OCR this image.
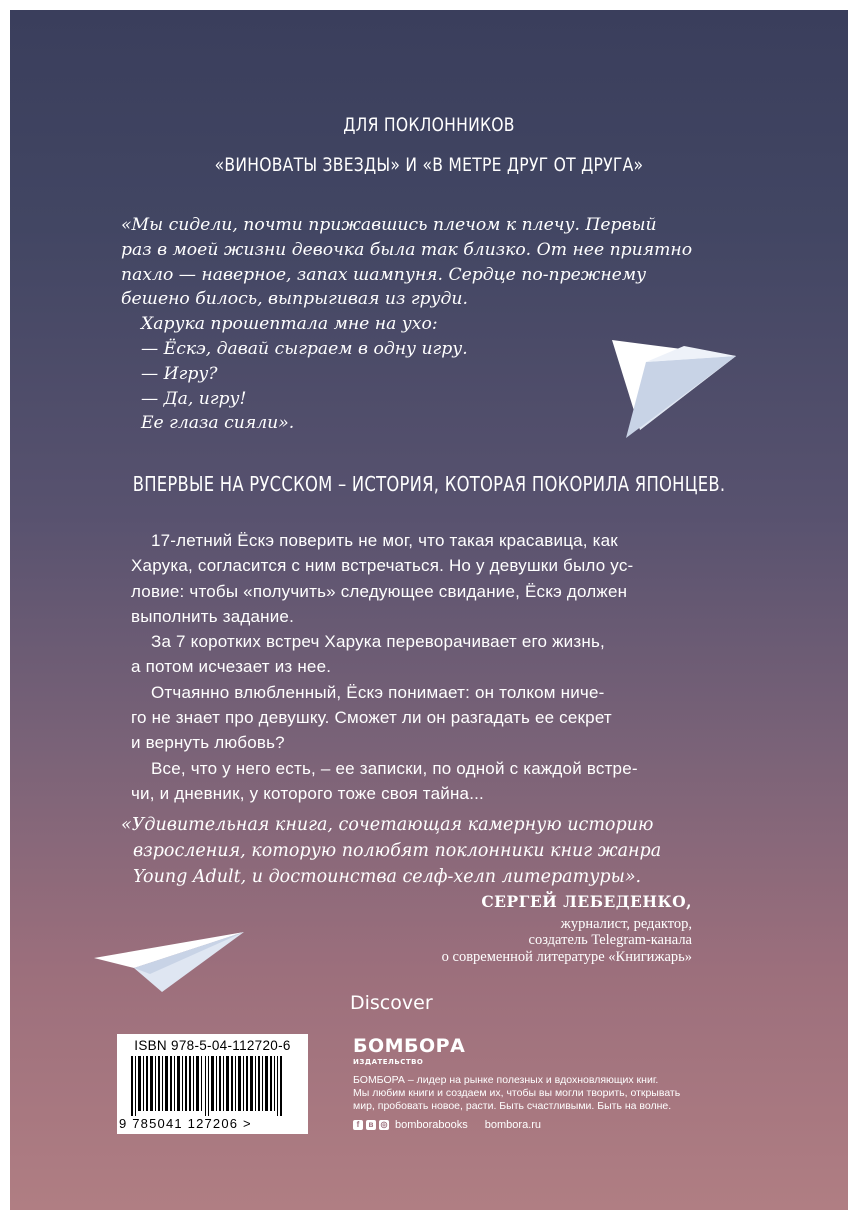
ДЛЯ ПОКЛОННИКОВ
«ВИНОВАТЫ ЗВЕЗДЫ» И «В МЕТРЕ ДРУГ ОТ ДРУГА»
«Мы сидели, почти прижавшись плечом к плечу. Первый
раз в моей жизни девочка была так близко. От нее приятно
пахло — наверное, запах шампуня. Сердце по-прежнему
бешено билось, выпрыгивая из груди.
Харука прошептала мне на ухо:
— Ёскэ, давай сыграем в одну игру.
— Игру?
— Да, игру!
Ее глаза сияли».
ВПЕРВЫЕ НА РУССКОМ – ИСТОРИЯ, КОТОРАЯ ПОКОРИЛА ЯПОНЦЕВ.
17-летний Ёскэ поверить не мог, что такая красавица, как
Харука, согласится с ним встречаться. Но у девушки было ус-
ловие: чтобы «получить» следующее свидание, Ёскэ должен
выполнить задание.
За 7 коротких встреч Харука переворачивает его жизнь,
а потом исчезает из нее.
Отчаянно влюбленный, Ёскэ понимает: он толком ниче-
го не знает про девушку. Сможет ли он разгадать ее секрет
и вернуть любовь?
Все, что у него есть, – ее записки, по одной с каждой встре-
чи, и дневник, у которого тоже своя тайна...
«Удивительная книга, сочетающая камерную историю
взросления, которую полюбят поклонники книг жанра
Young Adult, и достоинства селф-хелп литературы».
СЕРГЕЙ ЛЕБЕДЕНКО,
журналист, редактор,
создатель Telegram-канала
о современной литературе «Книгижарь»
Discover
БОМБОРА
ИЗДАТЕЛЬСТВО
БОМБОРА – лидер на рынке полезных и вдохновляющих книг.
Мы любим книги и создаем их, чтобы вы могли творить, открывать
мир, пробовать новое, расти. Быть счастливыми. Быть на волне.
f	в ◎ bomborabooks bombora.ru
ISBN 978-5-04-112720-6
9 785041 127206 >
